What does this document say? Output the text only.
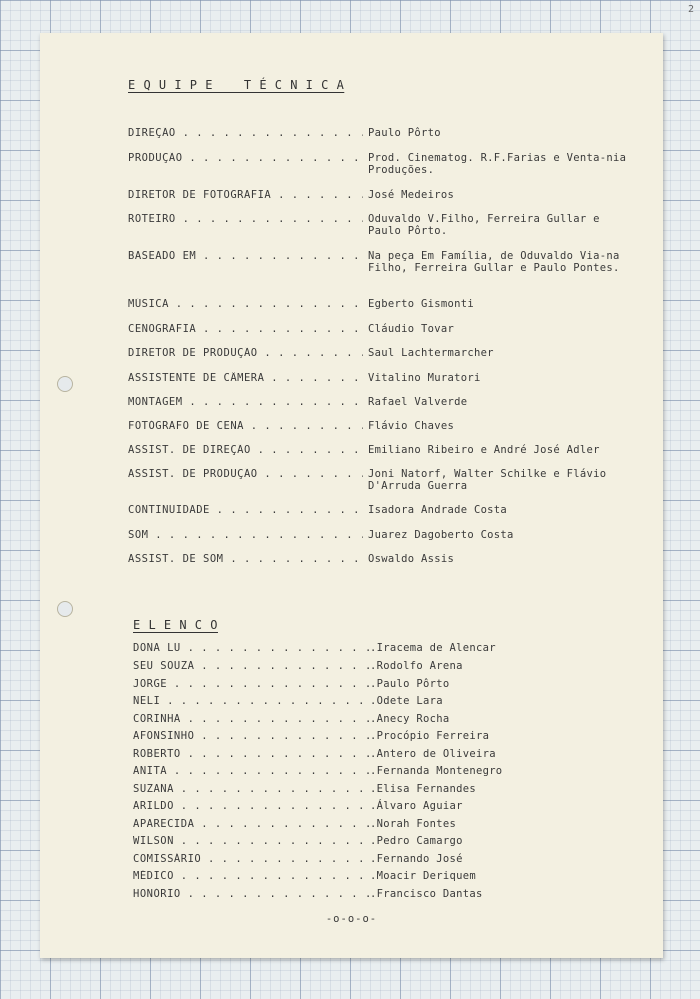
2
E Q U I P E    T É C N I C A
DIREÇÃO . . .	Paulo Pôrto
PRODUÇÃO . . .	Prod. Cinematog. R.F.Farias e Venta-nia Produções.
DIRETOR DE FOTOGRAFIA . . .	José Medeiros
ROTEIRO . . .	Oduvaldo V.Filho, Ferreira Gullar e Paulo Pôrto.
BASEADO EM . . .	Na peça Em Família, de Oduvaldo Via-na Filho, Ferreira Gullar e Paulo Pontes.
MÚSICA . . .	Egberto Gismonti
CENOGRAFIA . . .	Cláudio Tovar
DIRETOR DE PRODUÇÃO . . .	Saul Lachtermarcher
ASSISTENTE DE CÂMERA . . .	Vitalino Muratori
MONTAGEM . . .	Rafael Valverde
FOTÓGRAFO DE CENA . . .	Flávio Chaves
ASSIST. DE DIREÇÃO . . .	Emiliano Ribeiro e André José Adler
ASSIST. DE PRODUÇÃO . . .	Joni Natorf, Walter Schilke e Flávio D'Arruda Guerra
CONTINUIDADE . . .	Isadora Andrade Costa
SOM . . .	Juarez Dagoberto Costa
ASSIST. DE SOM . . .	Oswaldo Assis
E L E N C O
DONA LU . . .	. Iracema de Alencar
SEU SOUZA . . .	. Rodolfo Arena
JORGE . . .	. Paulo Pôrto
NELI . . .	. Odete Lara
CORINHA . . .	. Anecy Rocha
AFONSINHO . . .	. Procópio Ferreira
ROBERTO . . .	. Antero de Oliveira
ANITA . . .	. Fernanda Montenegro
SUZANA . . .	. Elisa Fernandes
ARILDO . . .	. Álvaro Aguiar
APARECIDA . . .	. Norah Fontes
WILSON . . .	. Pedro Camargo
COMISSÁRIO . . .	. Fernando José
MÉDICO . . .	. Moacir Deriquem
HONÓRIO . . .	. Francisco Dantas
-o-o-o-
